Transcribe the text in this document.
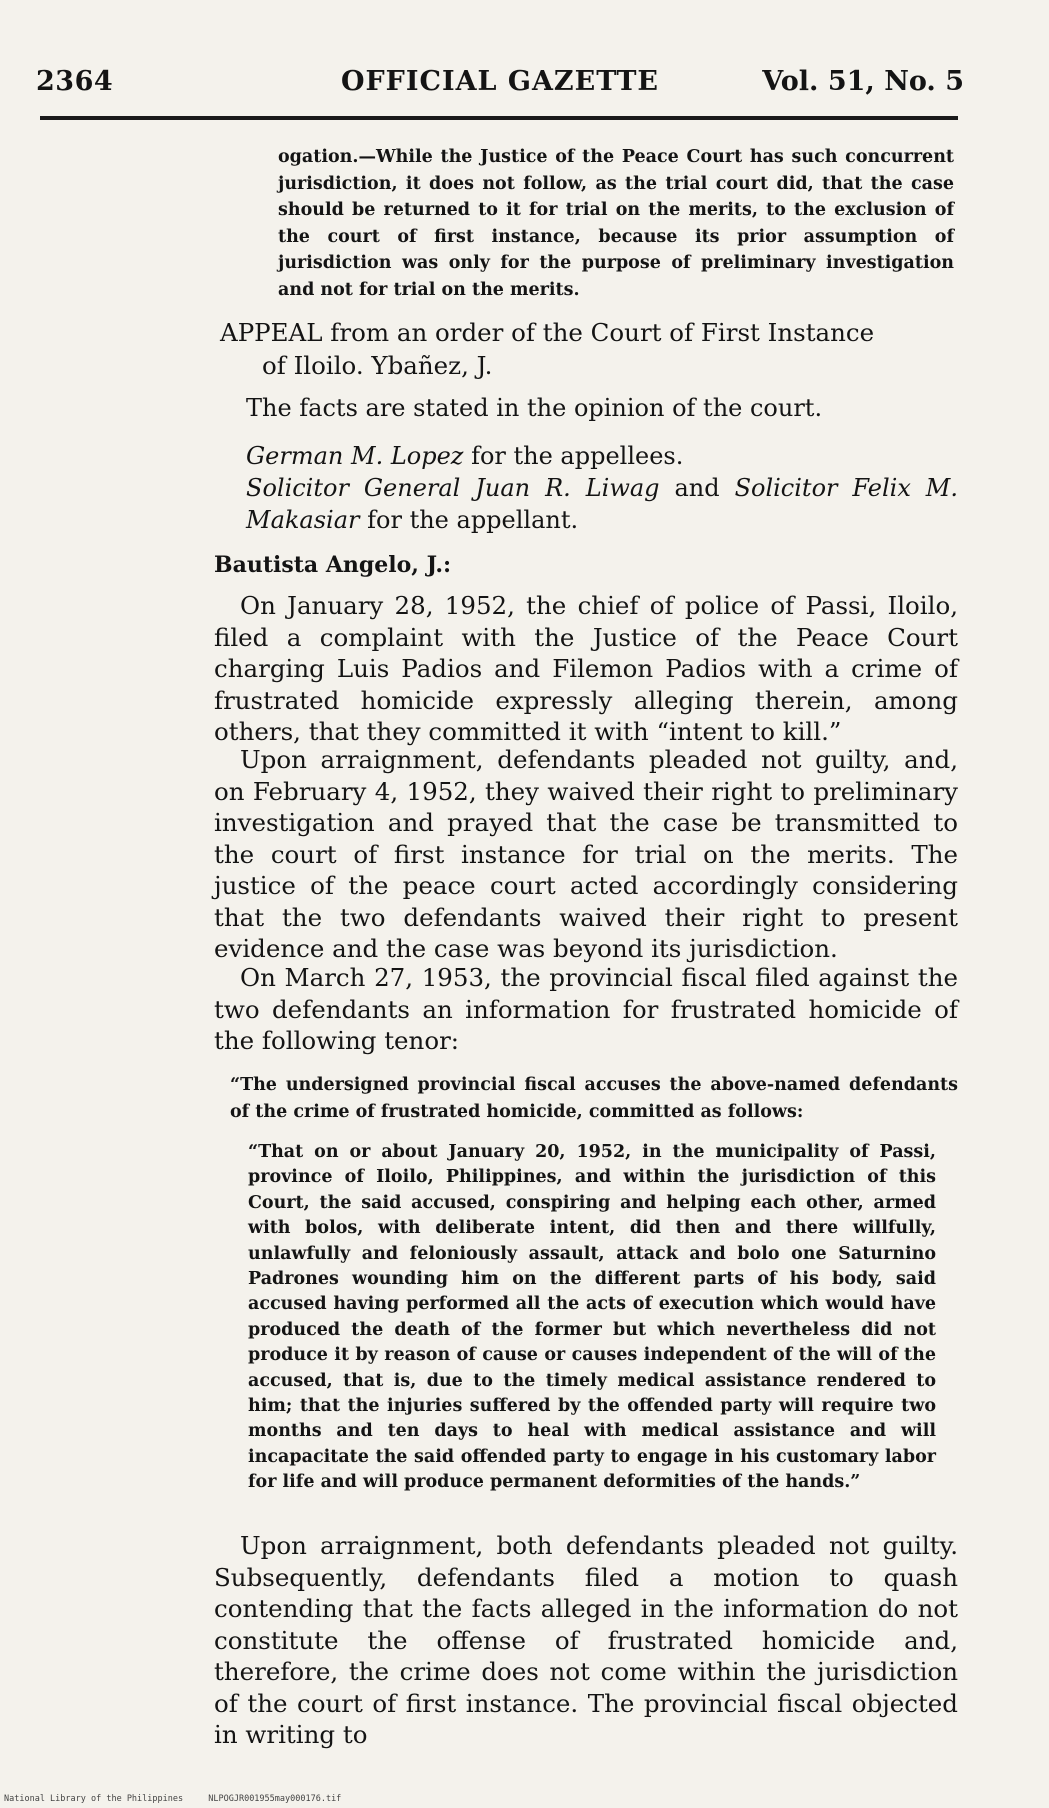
2364	OFFICIAL GAZETTE	Vol. 51, No. 5
ogation.—While the Justice of the Peace Court has such concurrent jurisdiction, it does not follow, as the trial court did, that the case should be returned to it for trial on the merits, to the exclusion of the court of first instance, because its prior assumption of jurisdiction was only for the purpose of preliminary investigation and not for trial on the merits.
APPEAL from an order of the Court of First Instance
of Iloilo. Ybañez, J.
The facts are stated in the opinion of the court.

German M. Lopez for the appellees.

Solicitor General Juan R. Liwag and Solicitor Felix M. Makasiar for the appellant.

Bautista Angelo, J.:

On January 28, 1952, the chief of police of Passi, Iloilo, filed a complaint with the Justice of the Peace Court charging Luis Padios and Filemon Padios with a crime of frustrated homicide expressly alleging therein, among others, that they committed it with “intent to kill.”

Upon arraignment, defendants pleaded not guilty, and, on February 4, 1952, they waived their right to preliminary investigation and prayed that the case be transmitted to the court of first instance for trial on the merits. The justice of the peace court acted accordingly considering that the two defendants waived their right to present evidence and the case was beyond its jurisdiction.

On March 27, 1953, the provincial fiscal filed against the two defendants an information for frustrated homicide of the following tenor:

“The undersigned provincial fiscal accuses the above-named defendants of the crime of frustrated homicide, committed as follows:
“That on or about January 20, 1952, in the municipality of Passi, province of Iloilo, Philippines, and within the jurisdiction of this Court, the said accused, conspiring and helping each other, armed with bolos, with deliberate intent, did then and there willfully, unlawfully and feloniously assault, attack and bolo one Saturnino Padrones wounding him on the different parts of his body, said accused having performed all the acts of execution which would have produced the death of the former but which nevertheless did not produce it by reason of cause or causes independent of the will of the accused, that is, due to the timely medical assistance rendered to him; that the injuries suffered by the offended party will require two months and ten days to heal with medical assistance and will incapacitate the said offended party to engage in his customary labor for life and will produce permanent deformities of the hands.”

Upon arraignment, both defendants pleaded not guilty. Subsequently, defendants filed a motion to quash contending that the facts alleged in the information do not constitute the offense of frustrated homicide and, therefore, the crime does not come within the jurisdiction of the court of first instance. The provincial fiscal objected in writing to

National Library of the Philippines	NLPOGJR001955may000176.tif
